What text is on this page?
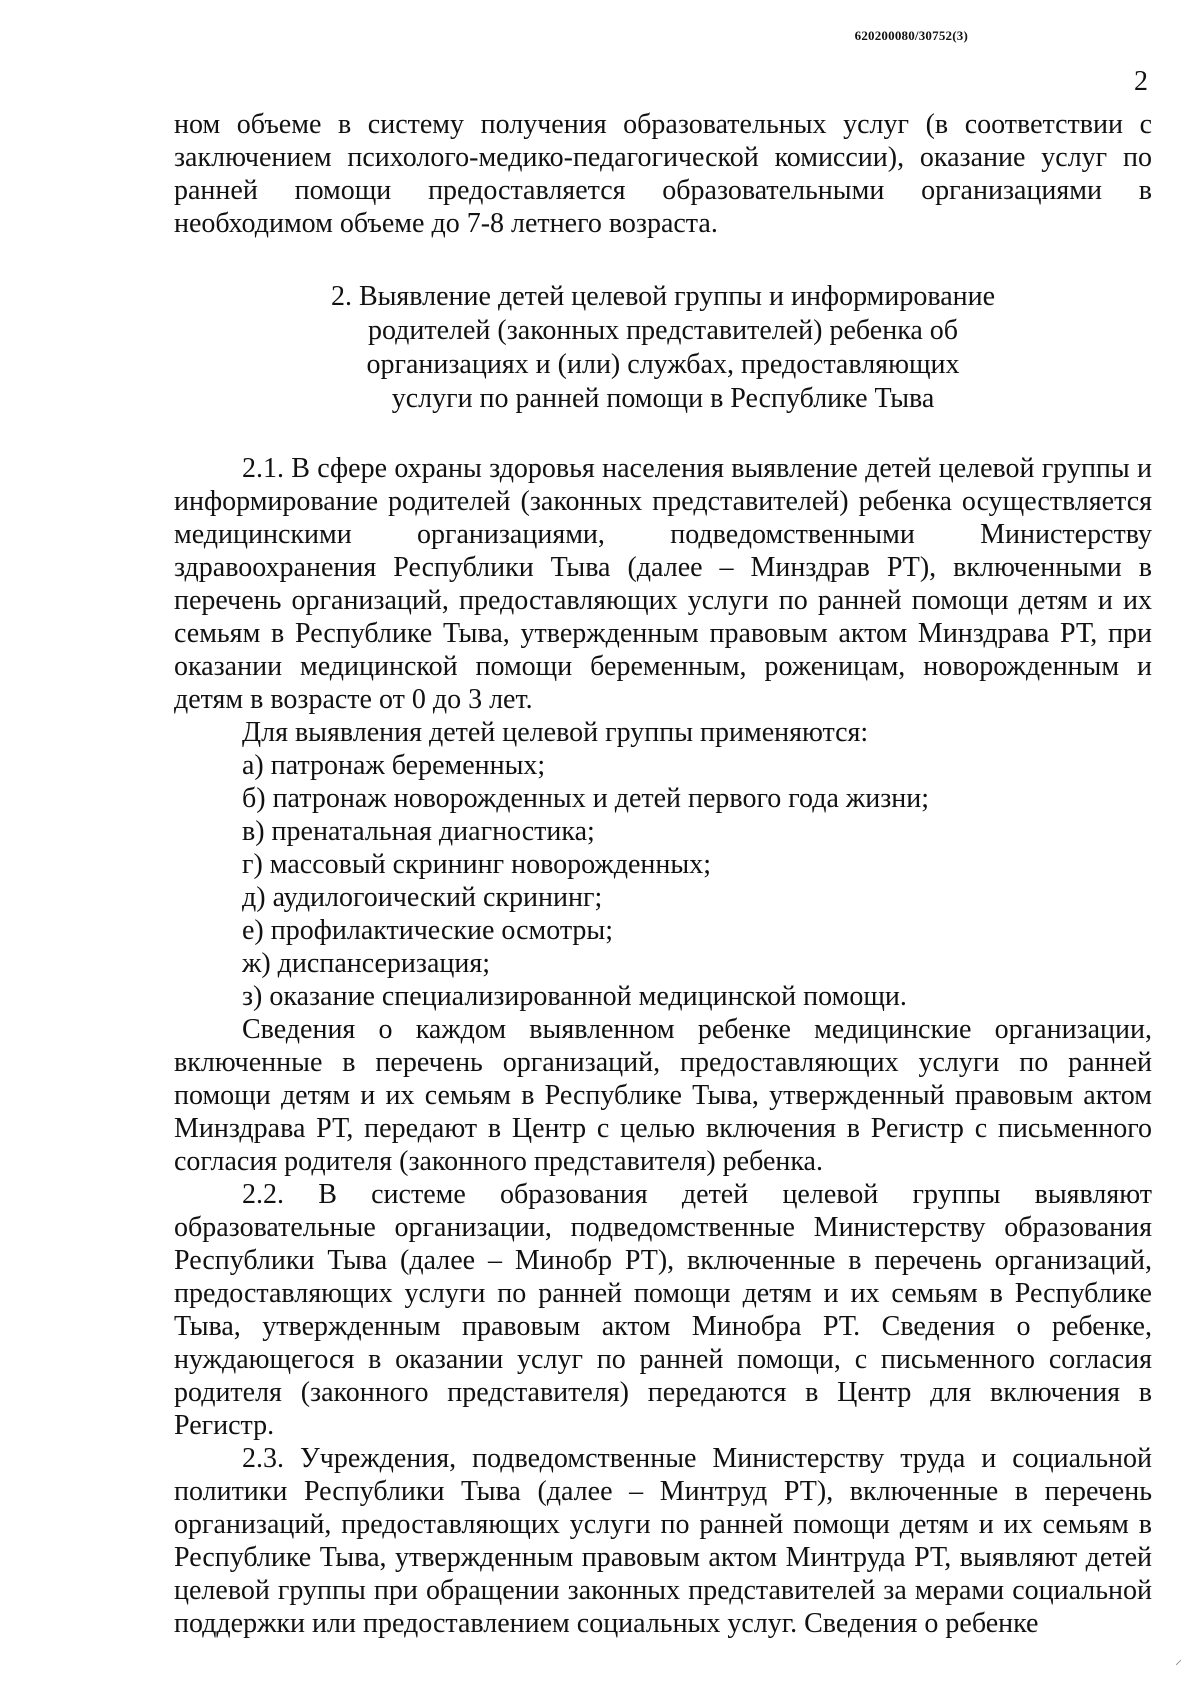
620200080/30752(3)
2

ном объеме в систему получения образовательных услуг (в соответствии с заключением психолого-медико-педагогической комиссии), оказание услуг по ранней помощи предоставляется образовательными организациями в необходимом объеме до 7-8 летнего возраста.

2. Выявление детей целевой группы и информирование
родителей (законных представителей) ребенка об
организациях и (или) службах, предоставляющих
услуги по ранней помощи в Республике Тыва

2.1. В сфере охраны здоровья населения выявление детей целевой группы и информирование родителей (законных представителей) ребенка осуществляется медицинскими организациями, подведомственными Министерству здравоохранения Республики Тыва (далее – Минздрав РТ), включенными в перечень организаций, предоставляющих услуги по ранней помощи детям и их семьям в Республике Тыва, утвержденным правовым актом Минздрава РТ, при оказании медицинской помощи беременным, роженицам, новорожденным и детям в возрасте от 0 до 3 лет.

Для выявления детей целевой группы применяются:

а) патронаж беременных;
б) патронаж новорожденных и детей первого года жизни;
в) пренатальная диагностика;
г) массовый скрининг новорожденных;
д) аудилогоический скрининг;
е) профилактические осмотры;
ж) диспансеризация;
з) оказание специализированной медицинской помощи.

Сведения о каждом выявленном ребенке медицинские организации, включенные в перечень организаций, предоставляющих услуги по ранней помощи детям и их семьям в Республике Тыва, утвержденный правовым актом Минздрава РТ, передают в Центр с целью включения в Регистр с письменного согласия родителя (законного представителя) ребенка.

2.2. В системе образования детей целевой группы выявляют образовательные организации, подведомственные Министерству образования Республики Тыва (далее – Минобр РТ), включенные в перечень организаций, предоставляющих услуги по ранней помощи детям и их семьям в Республике Тыва, утвержденным правовым актом Минобра РТ. Сведения о ребенке, нуждающегося в оказании услуг по ранней помощи, с письменного согласия родителя (законного представителя) передаются в Центр для включения в Регистр.

2.3. Учреждения, подведомственные Министерству труда и социальной политики Республики Тыва (далее – Минтруд РТ), включенные в перечень организаций, предоставляющих услуги по ранней помощи детям и их семьям в Республике Тыва, утвержденным правовым актом Минтруда РТ, выявляют детей целевой группы при обращении законных представителей за мерами социальной поддержки или предоставлением социальных услуг. Сведения о ребенке

⸝
